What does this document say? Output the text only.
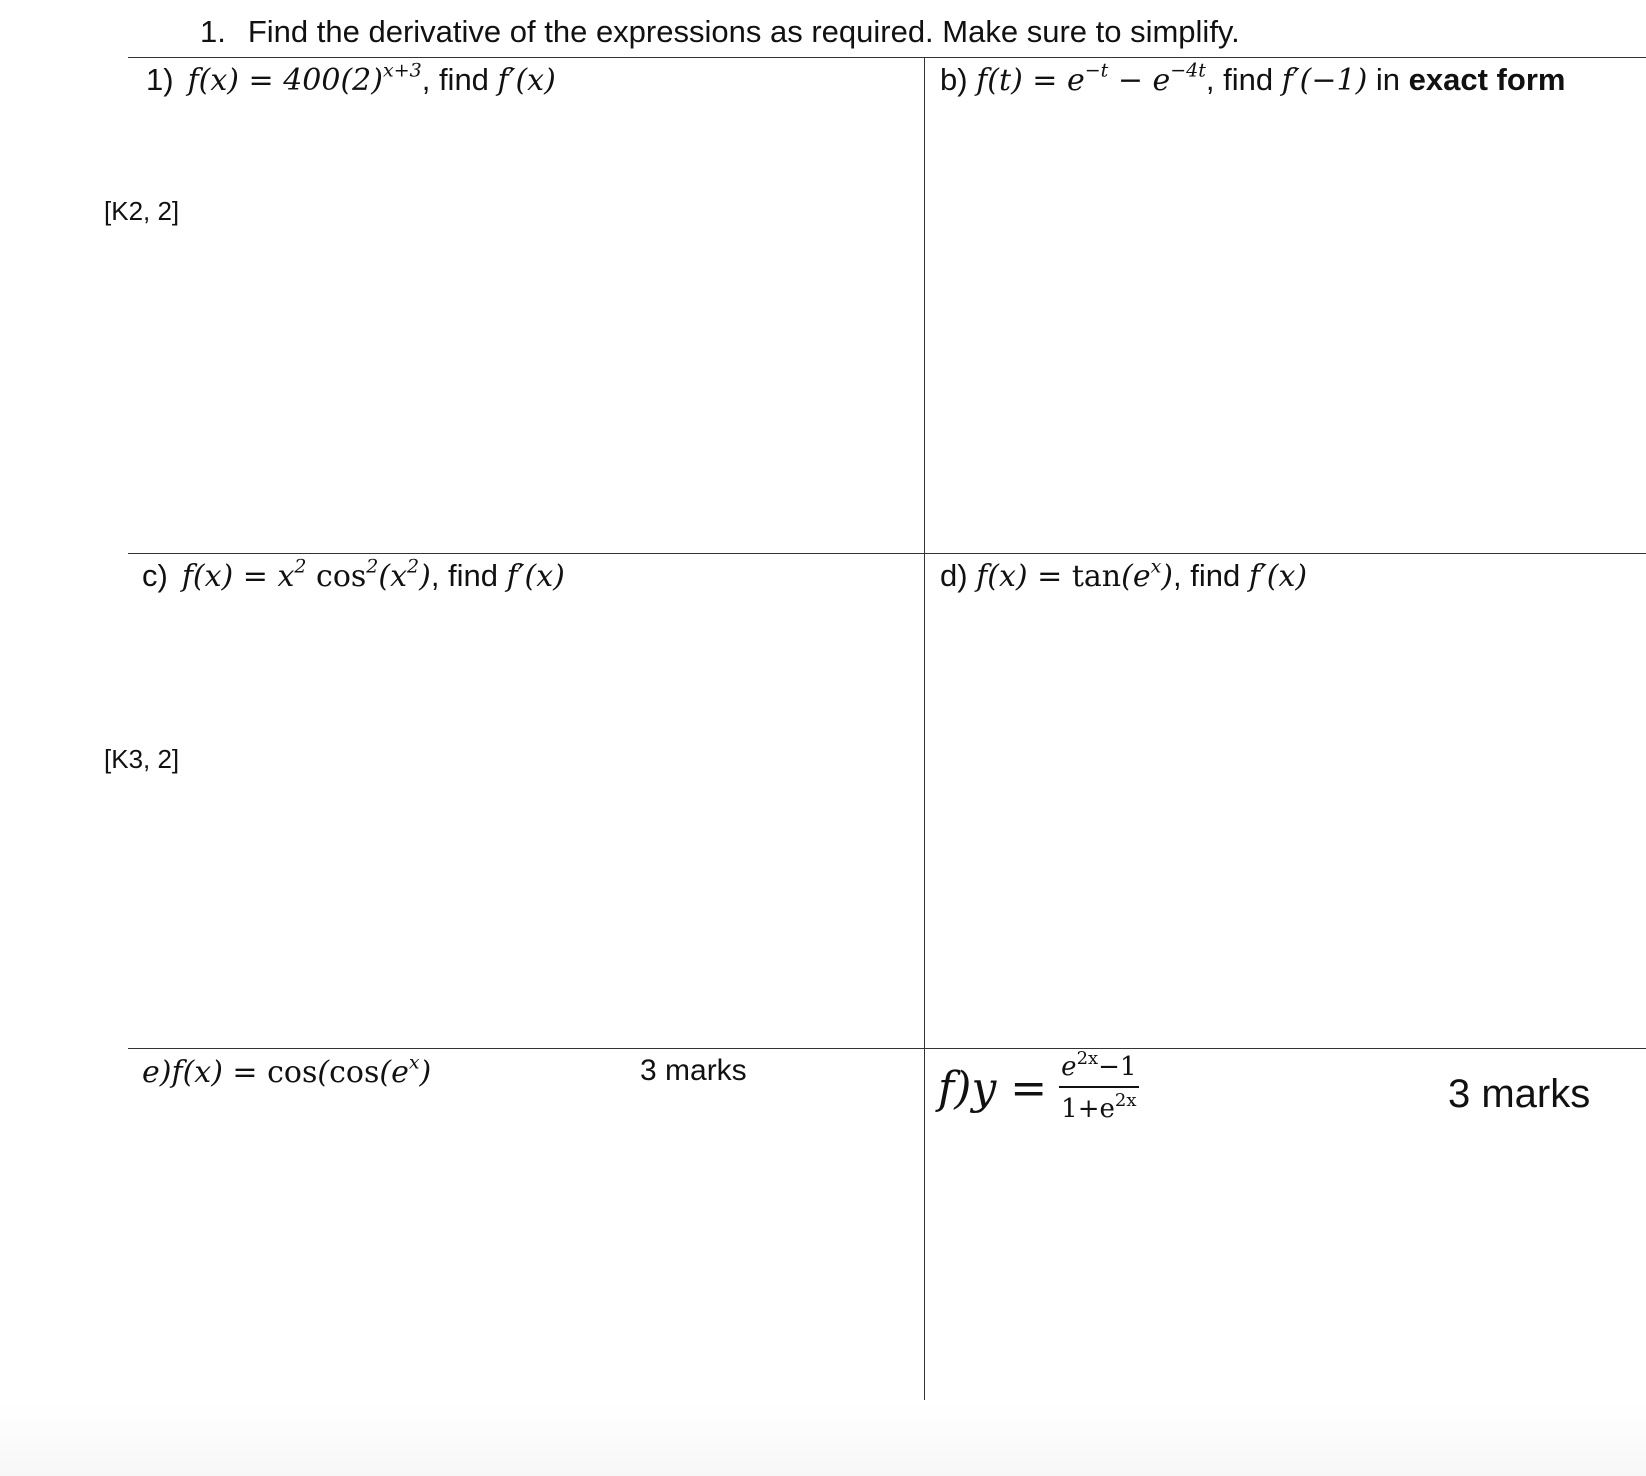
1. Find the derivative of the expressions as required. Make sure to simplify.
1) $f(x) = 400(2)^{x+3}$, find f′(x)	b) $f(t) = e^{-t} - e^{-4t}$, find f′(−1) in exact form
[K2, 2]
c) $f(x) = x^2$ $\cos^2(x^2)$, find f′(x)	d) $f(x) = \tan(e^x)$, find f′(x)
[K3, 2]
$e)f(x) = \cos(\cos(e^x)$	3 marks	$f)y = \frac{e^{2x}-1}{1+e^{2x}}$	3 marks
